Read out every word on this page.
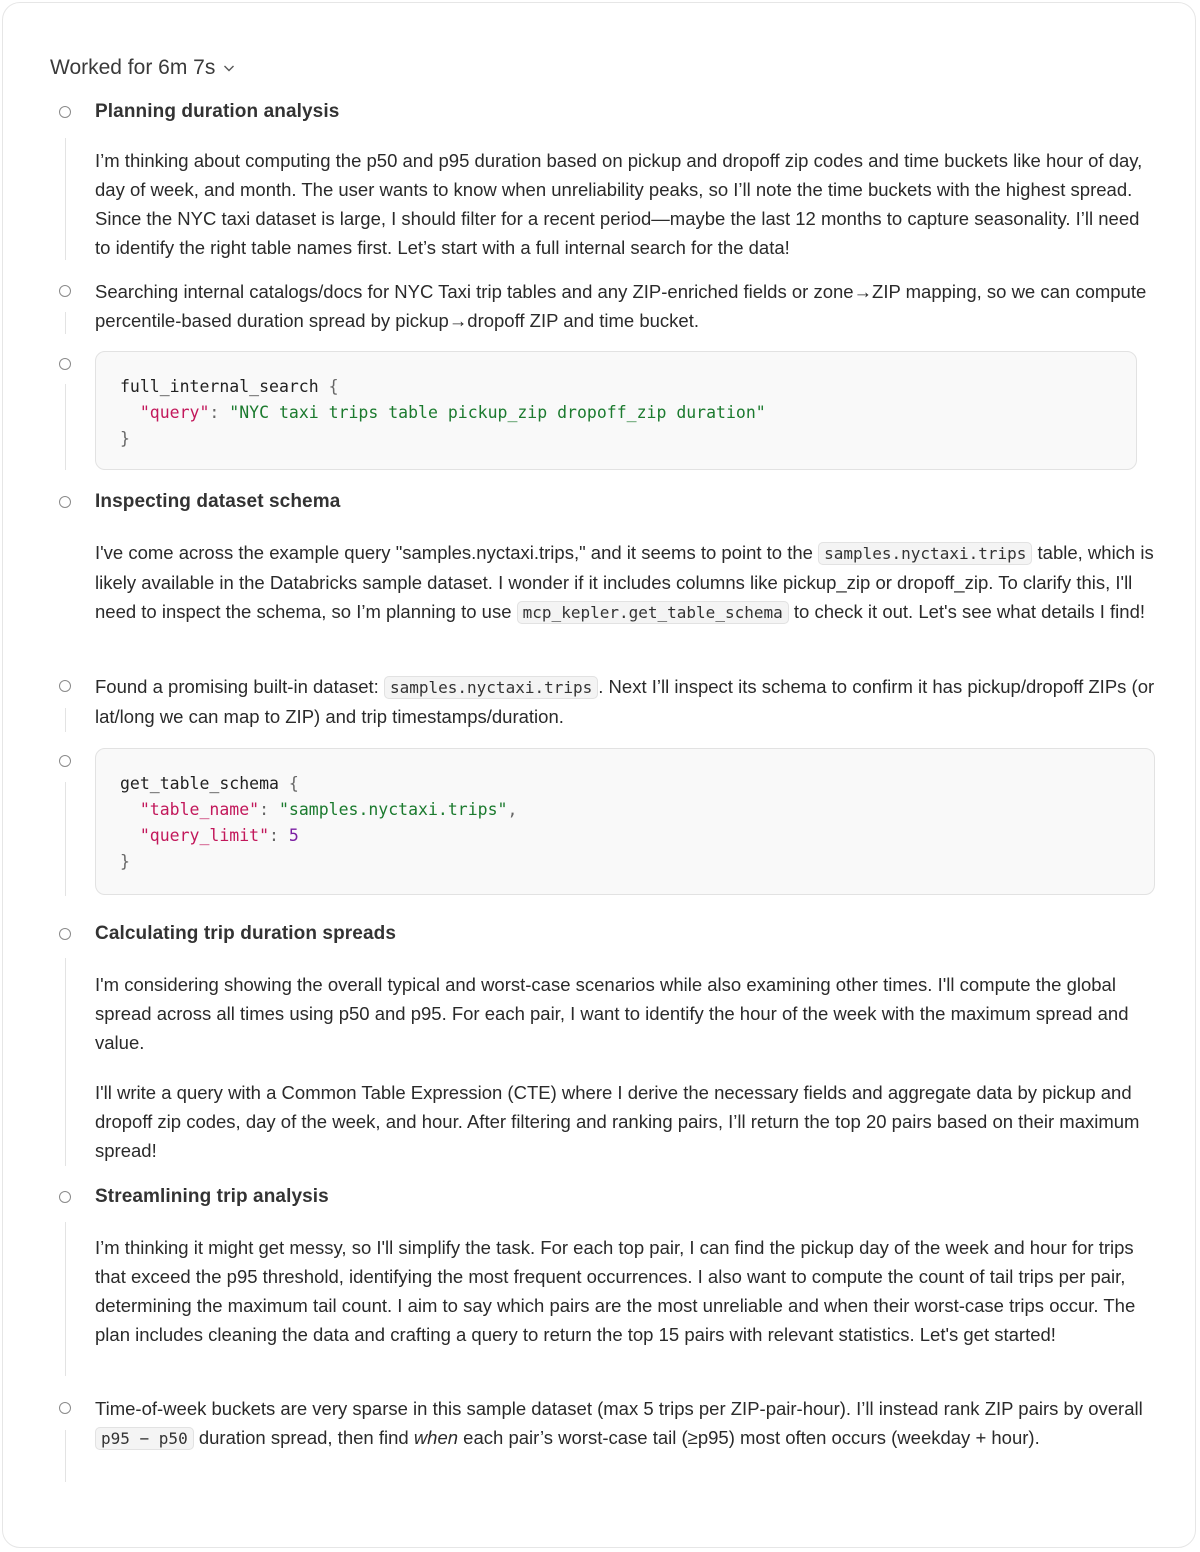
Worked for 6m 7s
Planning duration analysis

I’m thinking about computing the p50 and p95 duration based on pickup and dropoff zip codes and time buckets like hour of day, day of week, and month. The user wants to know when unreliability peaks, so I’ll note the time buckets with the highest spread. Since the NYC taxi dataset is large, I should filter for a recent period—maybe the last 12 months to capture seasonality. I’ll need to identify the right table names first. Let’s start with a full internal search for the data!

Searching internal catalogs/docs for NYC Taxi trip tables and any ZIP-enriched fields or zone→ZIP mapping, so we can compute percentile-based duration spread by pickup→dropoff ZIP and time bucket.

full_internal_search {
"query": "NYC taxi trips table pickup_zip dropoff_zip duration"
}
Inspecting dataset schema

I've come across the example query "samples.nyctaxi.trips," and it seems to point to the samples.nyctaxi.trips table, which is likely available in the Databricks sample dataset. I wonder if it includes columns like pickup_zip or dropoff_zip. To clarify this, I'll need to inspect the schema, so I’m planning to use mcp_kepler.get_table_schema to check it out. Let's see what details I find!

Found a promising built-in dataset: samples.nyctaxi.trips . Next I’ll inspect its schema to confirm it has pickup/dropoff ZIPs (or lat/long we can map to ZIP) and trip timestamps/duration.

get_table_schema {
"table_name": "samples.nyctaxi.trips",
"query_limit": 5
}
Calculating trip duration spreads

I'm considering showing the overall typical and worst-case scenarios while also examining other times. I'll compute the global spread across all times using p50 and p95. For each pair, I want to identify the hour of the week with the maximum spread and value.

I'll write a query with a Common Table Expression (CTE) where I derive the necessary fields and aggregate data by pickup and dropoff zip codes, day of the week, and hour. After filtering and ranking pairs, I’ll return the top 20 pairs based on their maximum spread!

Streamlining trip analysis

I’m thinking it might get messy, so I'll simplify the task. For each top pair, I can find the pickup day of the week and hour for trips that exceed the p95 threshold, identifying the most frequent occurrences. I also want to compute the count of tail trips per pair, determining the maximum tail count. I aim to say which pairs are the most unreliable and when their worst-case trips occur. The plan includes cleaning the data and crafting a query to return the top 15 pairs with relevant statistics. Let's get started!

Time-of-week buckets are very sparse in this sample dataset (max 5 trips per ZIP-pair-hour). I’ll instead rank ZIP pairs by overall p95 − p50 duration spread, then find when each pair’s worst-case tail (≥p95) most often occurs (weekday + hour).
